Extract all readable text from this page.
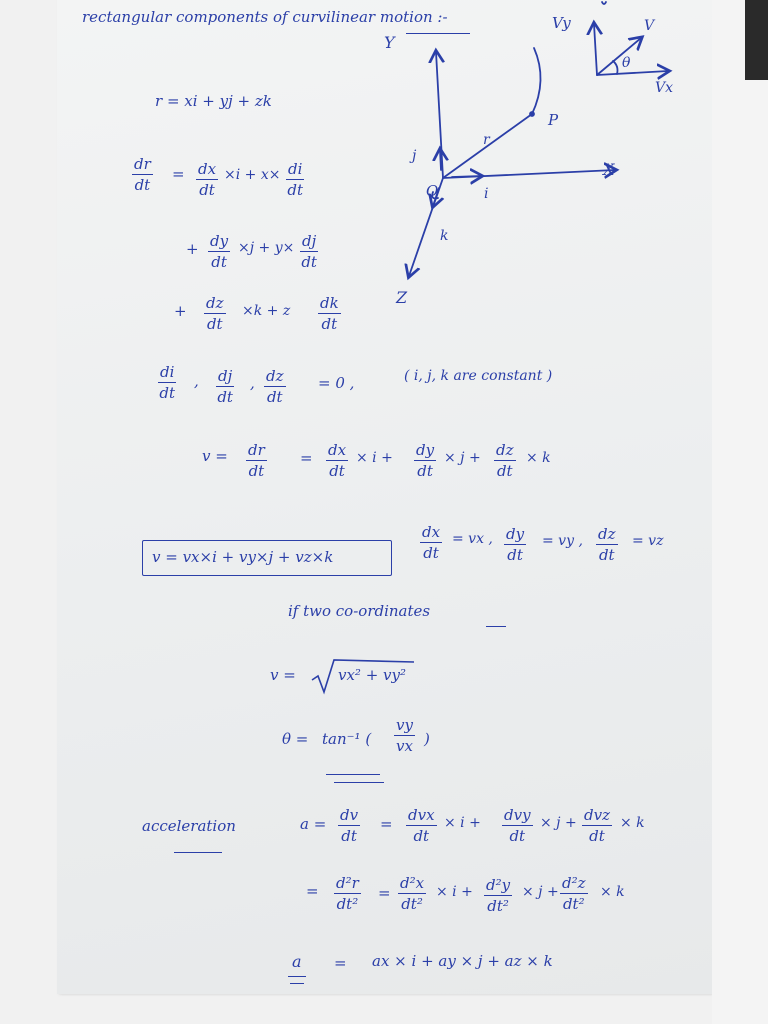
rectangular components of curvilinear motion :-
Y
X
Z
O
P
r
i
j
k
Vy
Vx
V
θ
r = xi + yj + zk
$\frac{dr}{dt} = \frac{dx}{dt} \times i + x\times \frac{di}{dt}$
+ $\frac{dy}{dt} \times j + y\times \frac{dj}{dt}$
+ $\frac{dz}{dt} \times k + z \frac{dk}{dt}$
$\frac{di}{dt}$ , $\frac{dj}{dt}$ , $\frac{dz}{dt} = 0$ ,	( i, j, k are constant )
$v = \frac{dr}{dt} = \frac{dx}{dt} \times i + \frac{dy}{dt} \times j + \frac{dz}{dt} \times k$
v = vx×i + vy×j + vz×k	$\frac{dx}{dt}$ = vx , $\frac{dy}{dt}$ = vy , $\frac{dz}{dt}$ = vz
if two co-ordinates
v =	vx² + vy²
θ = tan⁻¹ ( $\frac{vy}{vx}$ )
acceleration	$a = \frac{dv}{dt}$ = dvx
dt
× i + dvy
dt
× j + dvz
dt
× k
= $\frac{\text{d²r}}{\text{dt²}} = \frac{\text{d²x}}{\text{dt²}} \times i + \frac{\text{d²y}}{\text{dt²}} \times j + \frac{\text{d²z}}{\text{dt²}} \times k$
a = ax × i + ay × j + az × k
